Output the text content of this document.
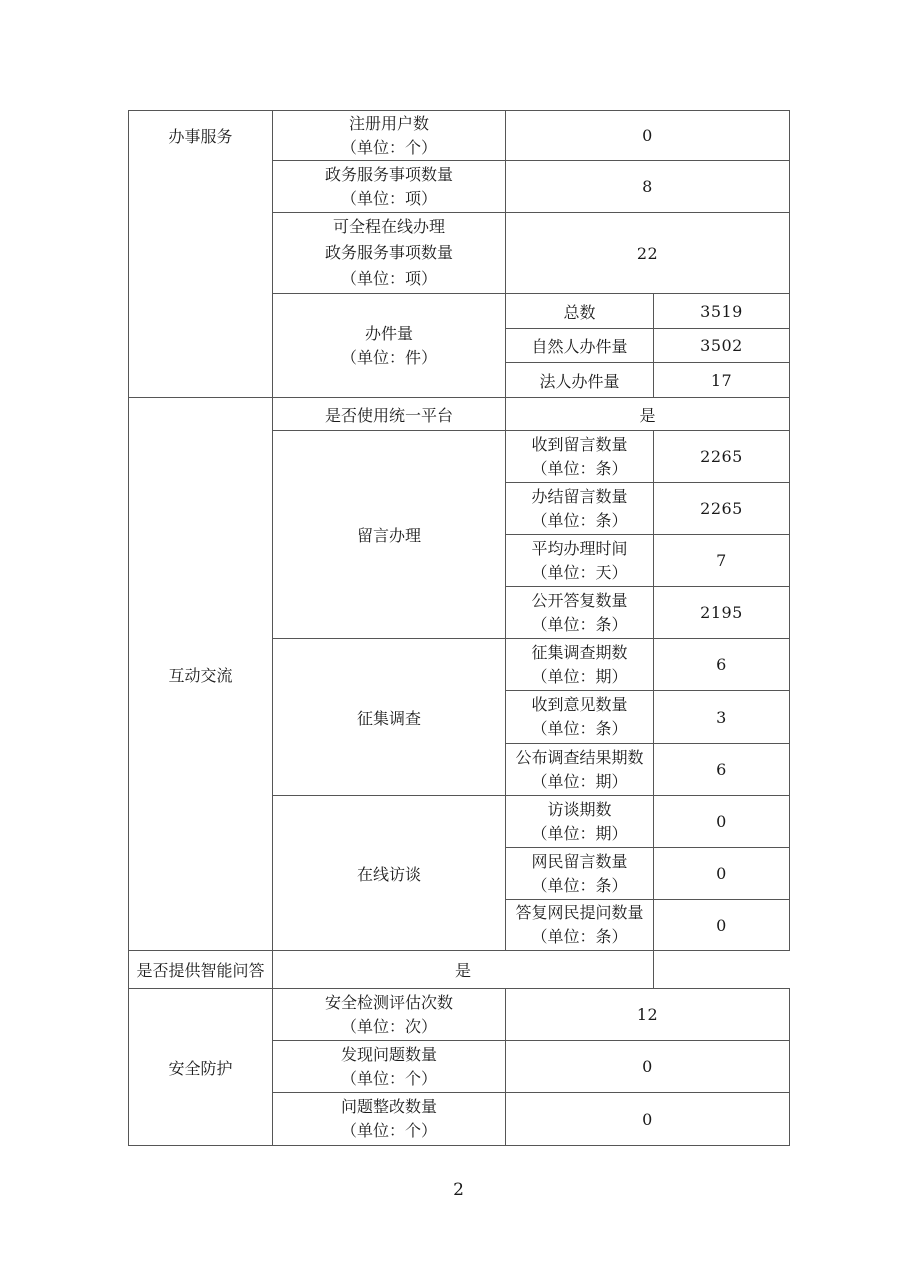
办事服务	注册用户数
（单位：个）	0	

	政务服务事项数量
（单位：项）	8	

	可全程在线办理
政务服务事项数量
（单位：项）	22	

	办件量
（单位：件）	总数	3519
		自然人办件量	3502
		法人办件量	17
互动交流	是否使用统一平台	是	
	留言办理	收到留言数量
（单位：条）	2265

		办结留言数量
（单位：条）	2265

		平均办理时间
（单位：天）	7

		公开答复数量
（单位：条）	2195
	征集调查	征集调查期数
（单位：期）	6

		收到意见数量
（单位：条）	3

		公布调查结果期数
（单位：期）	6
	在线访谈	访谈期数
（单位：期）	0

		网民留言数量
（单位：条）	0

		答复网民提问数量
（单位：条）	0
是否提供智能问答	是		
安全防护	安全检测评估次数
（单位：次）	12	

	发现问题数量
（单位：个）	0	

	问题整改数量
（单位：个）	0	
2
